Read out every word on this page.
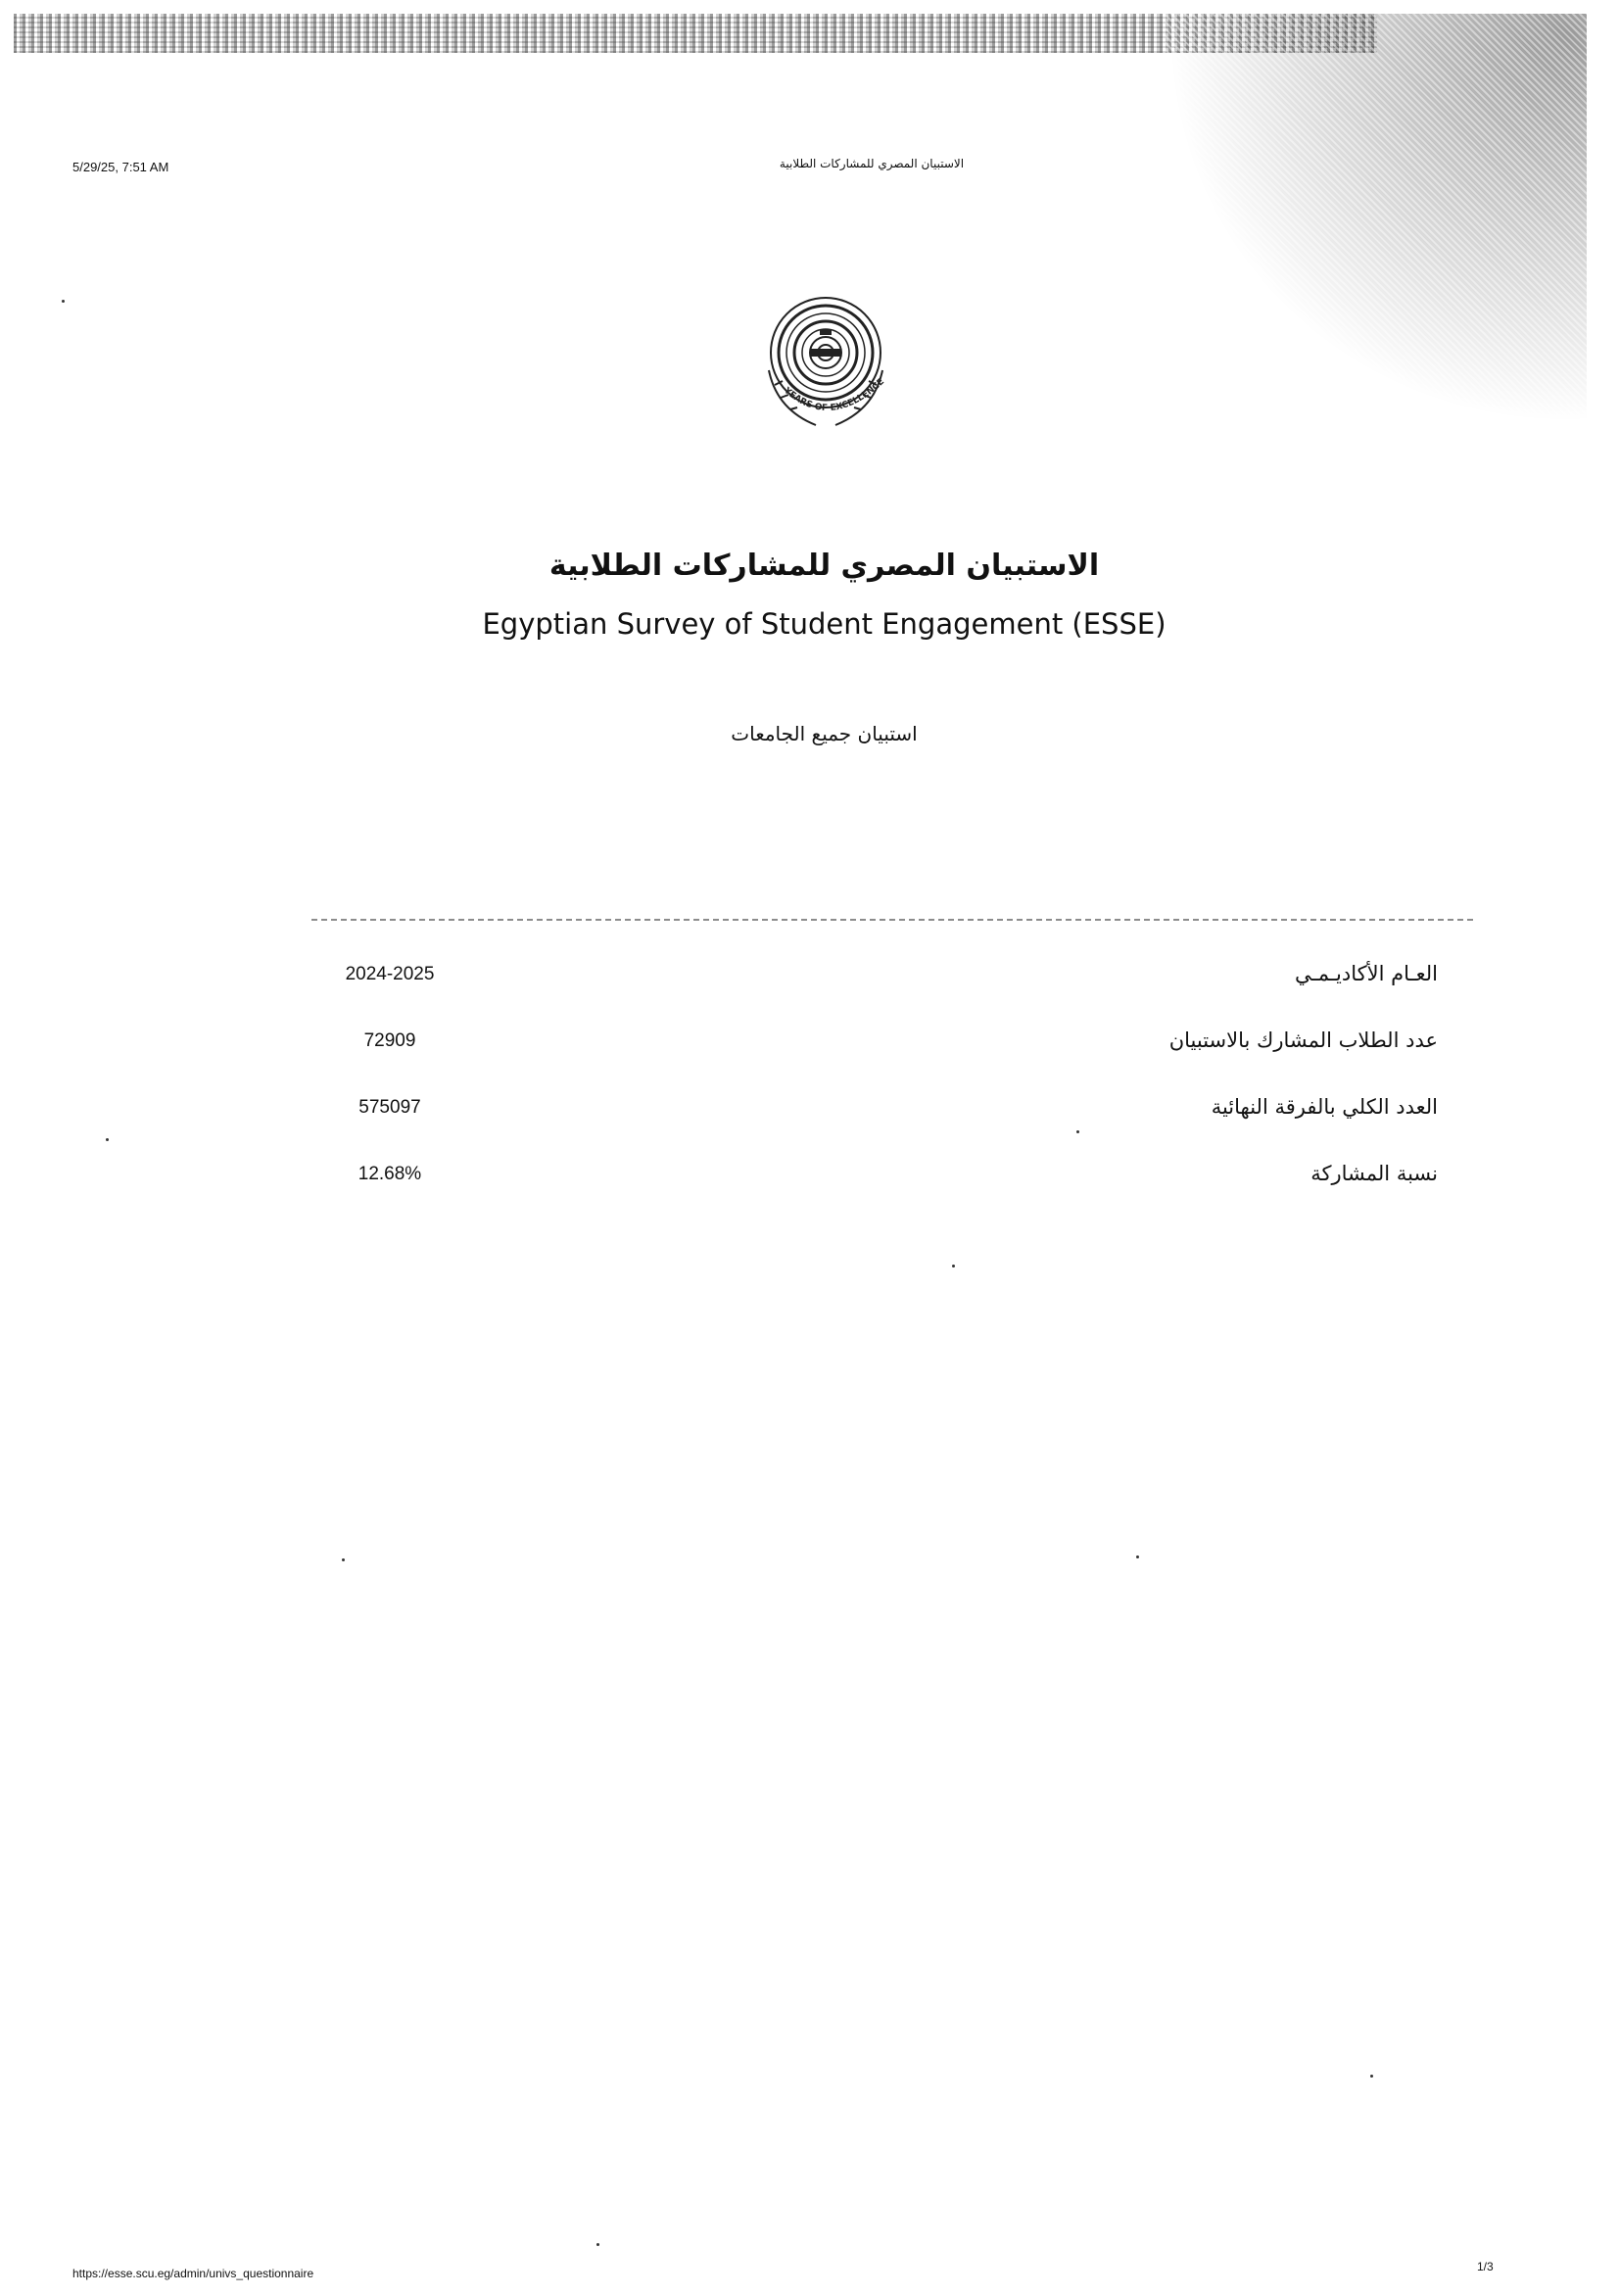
5/29/25, 7:51 AM	الاستبيان المصري للمشاركات الطلابية
YEARS OF EXCELLENCE
الاستبيان المصري للمشاركات الطلابية
Egyptian Survey of Student Engagement (ESSE)
استبيان جميع الجامعات
العـام الأكاديـمـي
2024-2025
عدد الطلاب المشارك بالاستبيان
72909
العدد الكلي بالفرقة النهائية
575097
نسبة المشاركة
12.68%
https://esse.scu.eg/admin/univs_questionnaire	1/3
